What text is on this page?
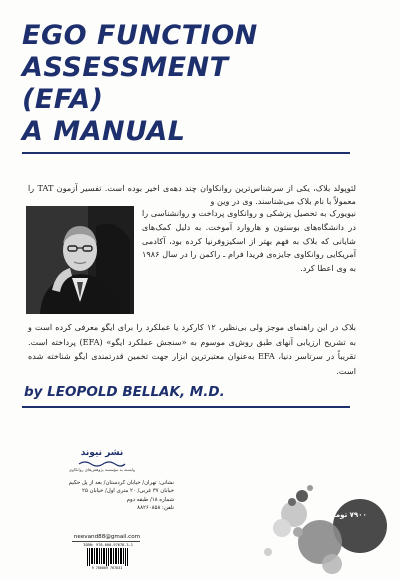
EGO FUNCTION
ASSESSMENT
(EFA)
A MANUAL

لئوپولد بلاک، یکی از سرشناس‌ترین روانکاوان چند دهه‌ی اخیر بوده است. تفسیر آزمون TAT را معمولاً با نام بلاک می‌شناسند. وی در وین و

نیویورک به تحصیل پزشکی و روانکاوی پرداخت و روانشناسی را در دانشگاه‌های بوستون و هاروارد آموخت. به دلیل کمک‌های شایانی که بلاک به فهم بهتر از اسکیزوفرنیا کرده بود، آکادمی آمریکایی روانکاوی جایزه‌ی فریدا فرام ـ راکمن را در سال ۱۹۸۶ به وی اعطا کرد.

بلاک در این راهنمای موجز ولی بی‌نظیر، ۱۲ کارکرد یا عملکرد را برای ایگو معرفی کرده است و به تشریح ارزیابی آنهای طبق روش‌ی موسوم به «سنجش عملکرد ایگو» (EFA) پرداخته است. تقریباً در سرتاسر دنیا، EFA به‌عنوان معتبرترین ابزار جهت تخمین قدرتمندی ایگو شناخته شده است.

by LEOPOLD BELLAK, M.D.
نشر نیوند
وابسته به مؤسسه پژوهش‌های روانکاوی
نشانی: تهران/ خیابان کردستان/ بعد از پل حکیم
خیابان ۳۷ غربی/ ۲۰ متری اول/ خیابان ۲۵
شماره ۱۸/ طبقه دوم
تلفن: ۸۸۲۶۰۸۵۸
neevand88@gmail.com
ISBN: 978-600-97678-3-1
9 786009 767831
۷۹۰۰ تومان
